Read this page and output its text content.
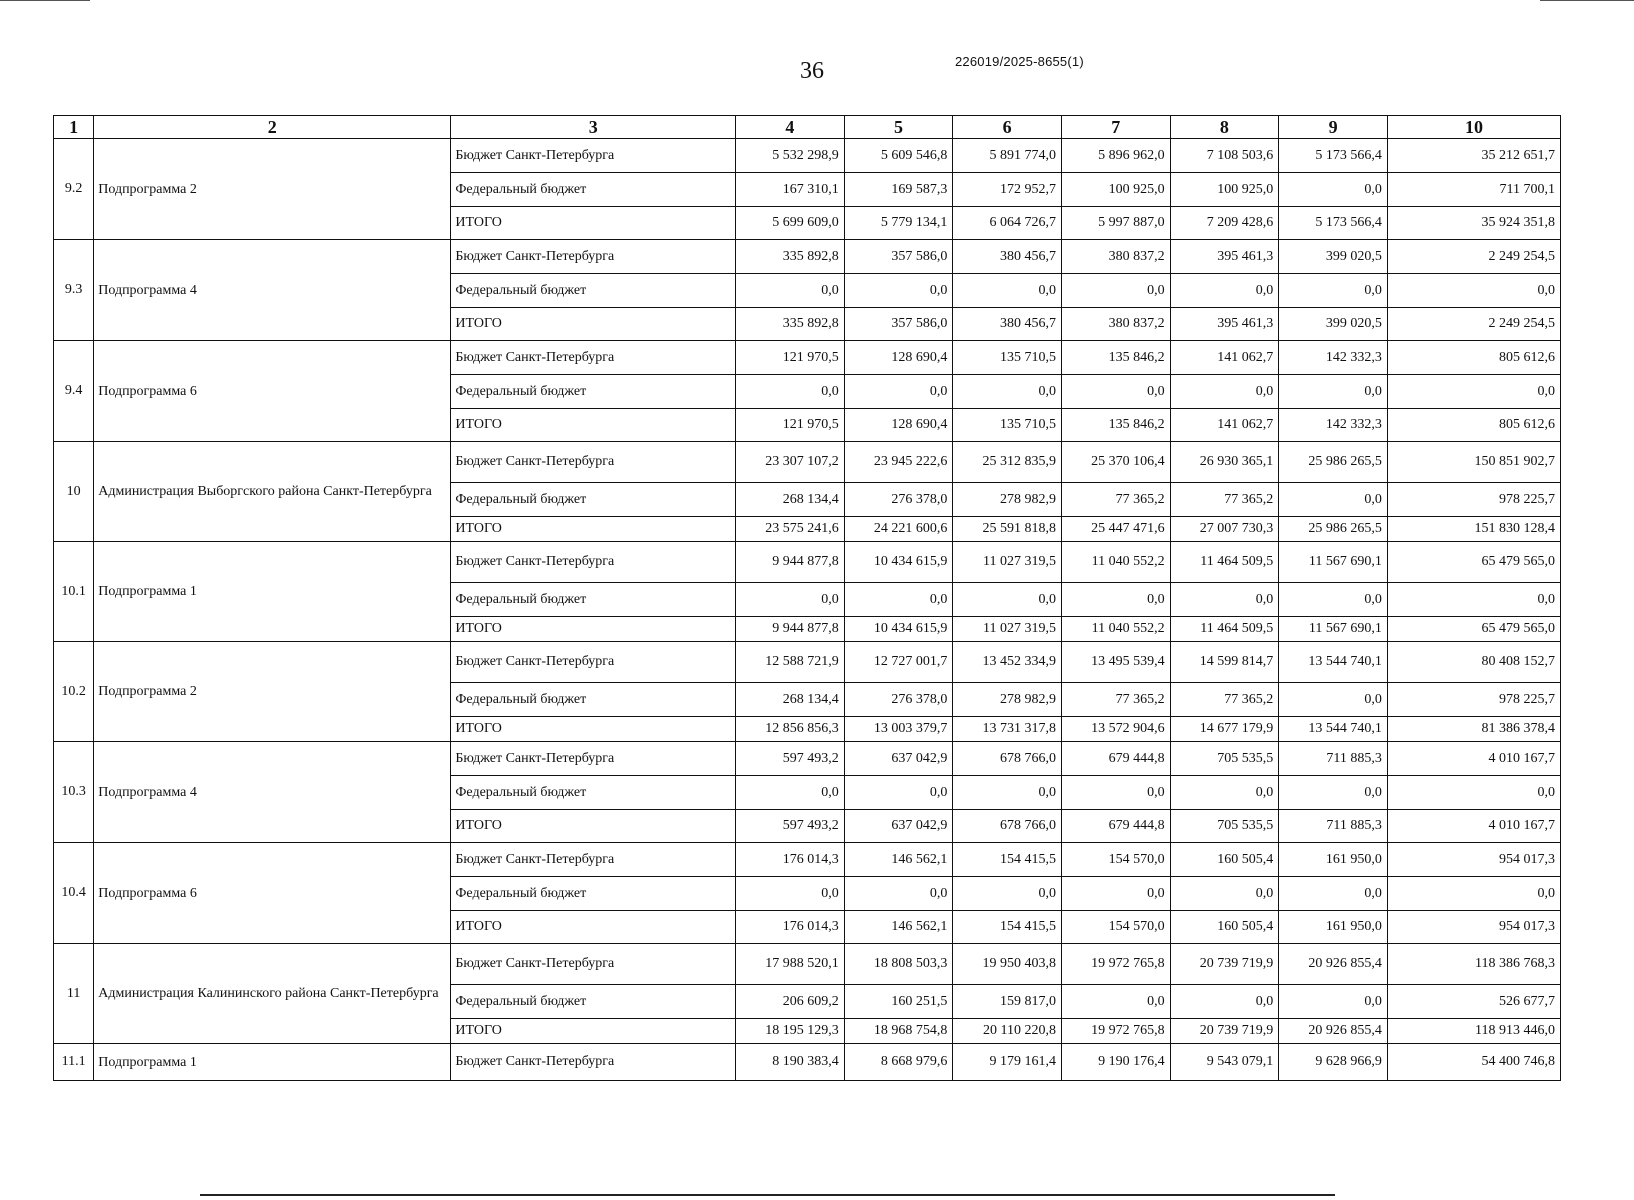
36	226019/2025-8655(1)
1	2	3	4	5	6	7	8	9	10
9.2	Подпрограмма 2	Бюджет Санкт-Петербурга	5 532 298,9	5 609 546,8	5 891 774,0	5 896 962,0	7 108 503,6	5 173 566,4	35 212 651,7
		Федеральный бюджет	167 310,1	169 587,3	172 952,7	100 925,0	100 925,0	0,0	711 700,1
		ИТОГО	5 699 609,0	5 779 134,1	6 064 726,7	5 997 887,0	7 209 428,6	5 173 566,4	35 924 351,8
9.3	Подпрограмма 4	Бюджет Санкт-Петербурга	335 892,8	357 586,0	380 456,7	380 837,2	395 461,3	399 020,5	2 249 254,5
		Федеральный бюджет	0,0	0,0	0,0	0,0	0,0	0,0	0,0
		ИТОГО	335 892,8	357 586,0	380 456,7	380 837,2	395 461,3	399 020,5	2 249 254,5
9.4	Подпрограмма 6	Бюджет Санкт-Петербурга	121 970,5	128 690,4	135 710,5	135 846,2	141 062,7	142 332,3	805 612,6
		Федеральный бюджет	0,0	0,0	0,0	0,0	0,0	0,0	0,0
		ИТОГО	121 970,5	128 690,4	135 710,5	135 846,2	141 062,7	142 332,3	805 612,6
10	Администрация Выборгского района Санкт-Петербурга	Бюджет Санкт-Петербурга	23 307 107,2	23 945 222,6	25 312 835,9	25 370 106,4	26 930 365,1	25 986 265,5	150 851 902,7
		Федеральный бюджет	268 134,4	276 378,0	278 982,9	77 365,2	77 365,2	0,0	978 225,7
		ИТОГО	23 575 241,6	24 221 600,6	25 591 818,8	25 447 471,6	27 007 730,3	25 986 265,5	151 830 128,4
10.1	Подпрограмма 1	Бюджет Санкт-Петербурга	9 944 877,8	10 434 615,9	11 027 319,5	11 040 552,2	11 464 509,5	11 567 690,1	65 479 565,0
		Федеральный бюджет	0,0	0,0	0,0	0,0	0,0	0,0	0,0
		ИТОГО	9 944 877,8	10 434 615,9	11 027 319,5	11 040 552,2	11 464 509,5	11 567 690,1	65 479 565,0
10.2	Подпрограмма 2	Бюджет Санкт-Петербурга	12 588 721,9	12 727 001,7	13 452 334,9	13 495 539,4	14 599 814,7	13 544 740,1	80 408 152,7
		Федеральный бюджет	268 134,4	276 378,0	278 982,9	77 365,2	77 365,2	0,0	978 225,7
		ИТОГО	12 856 856,3	13 003 379,7	13 731 317,8	13 572 904,6	14 677 179,9	13 544 740,1	81 386 378,4
10.3	Подпрограмма 4	Бюджет Санкт-Петербурга	597 493,2	637 042,9	678 766,0	679 444,8	705 535,5	711 885,3	4 010 167,7
		Федеральный бюджет	0,0	0,0	0,0	0,0	0,0	0,0	0,0
		ИТОГО	597 493,2	637 042,9	678 766,0	679 444,8	705 535,5	711 885,3	4 010 167,7
10.4	Подпрограмма 6	Бюджет Санкт-Петербурга	176 014,3	146 562,1	154 415,5	154 570,0	160 505,4	161 950,0	954 017,3
		Федеральный бюджет	0,0	0,0	0,0	0,0	0,0	0,0	0,0
		ИТОГО	176 014,3	146 562,1	154 415,5	154 570,0	160 505,4	161 950,0	954 017,3
11	Администрация Калининского района Санкт-Петербурга	Бюджет Санкт-Петербурга	17 988 520,1	18 808 503,3	19 950 403,8	19 972 765,8	20 739 719,9	20 926 855,4	118 386 768,3
		Федеральный бюджет	206 609,2	160 251,5	159 817,0	0,0	0,0	0,0	526 677,7
		ИТОГО	18 195 129,3	18 968 754,8	20 110 220,8	19 972 765,8	20 739 719,9	20 926 855,4	118 913 446,0
11.1	Подпрограмма 1	Бюджет Санкт-Петербурга	8 190 383,4	8 668 979,6	9 179 161,4	9 190 176,4	9 543 079,1	9 628 966,9	54 400 746,8
